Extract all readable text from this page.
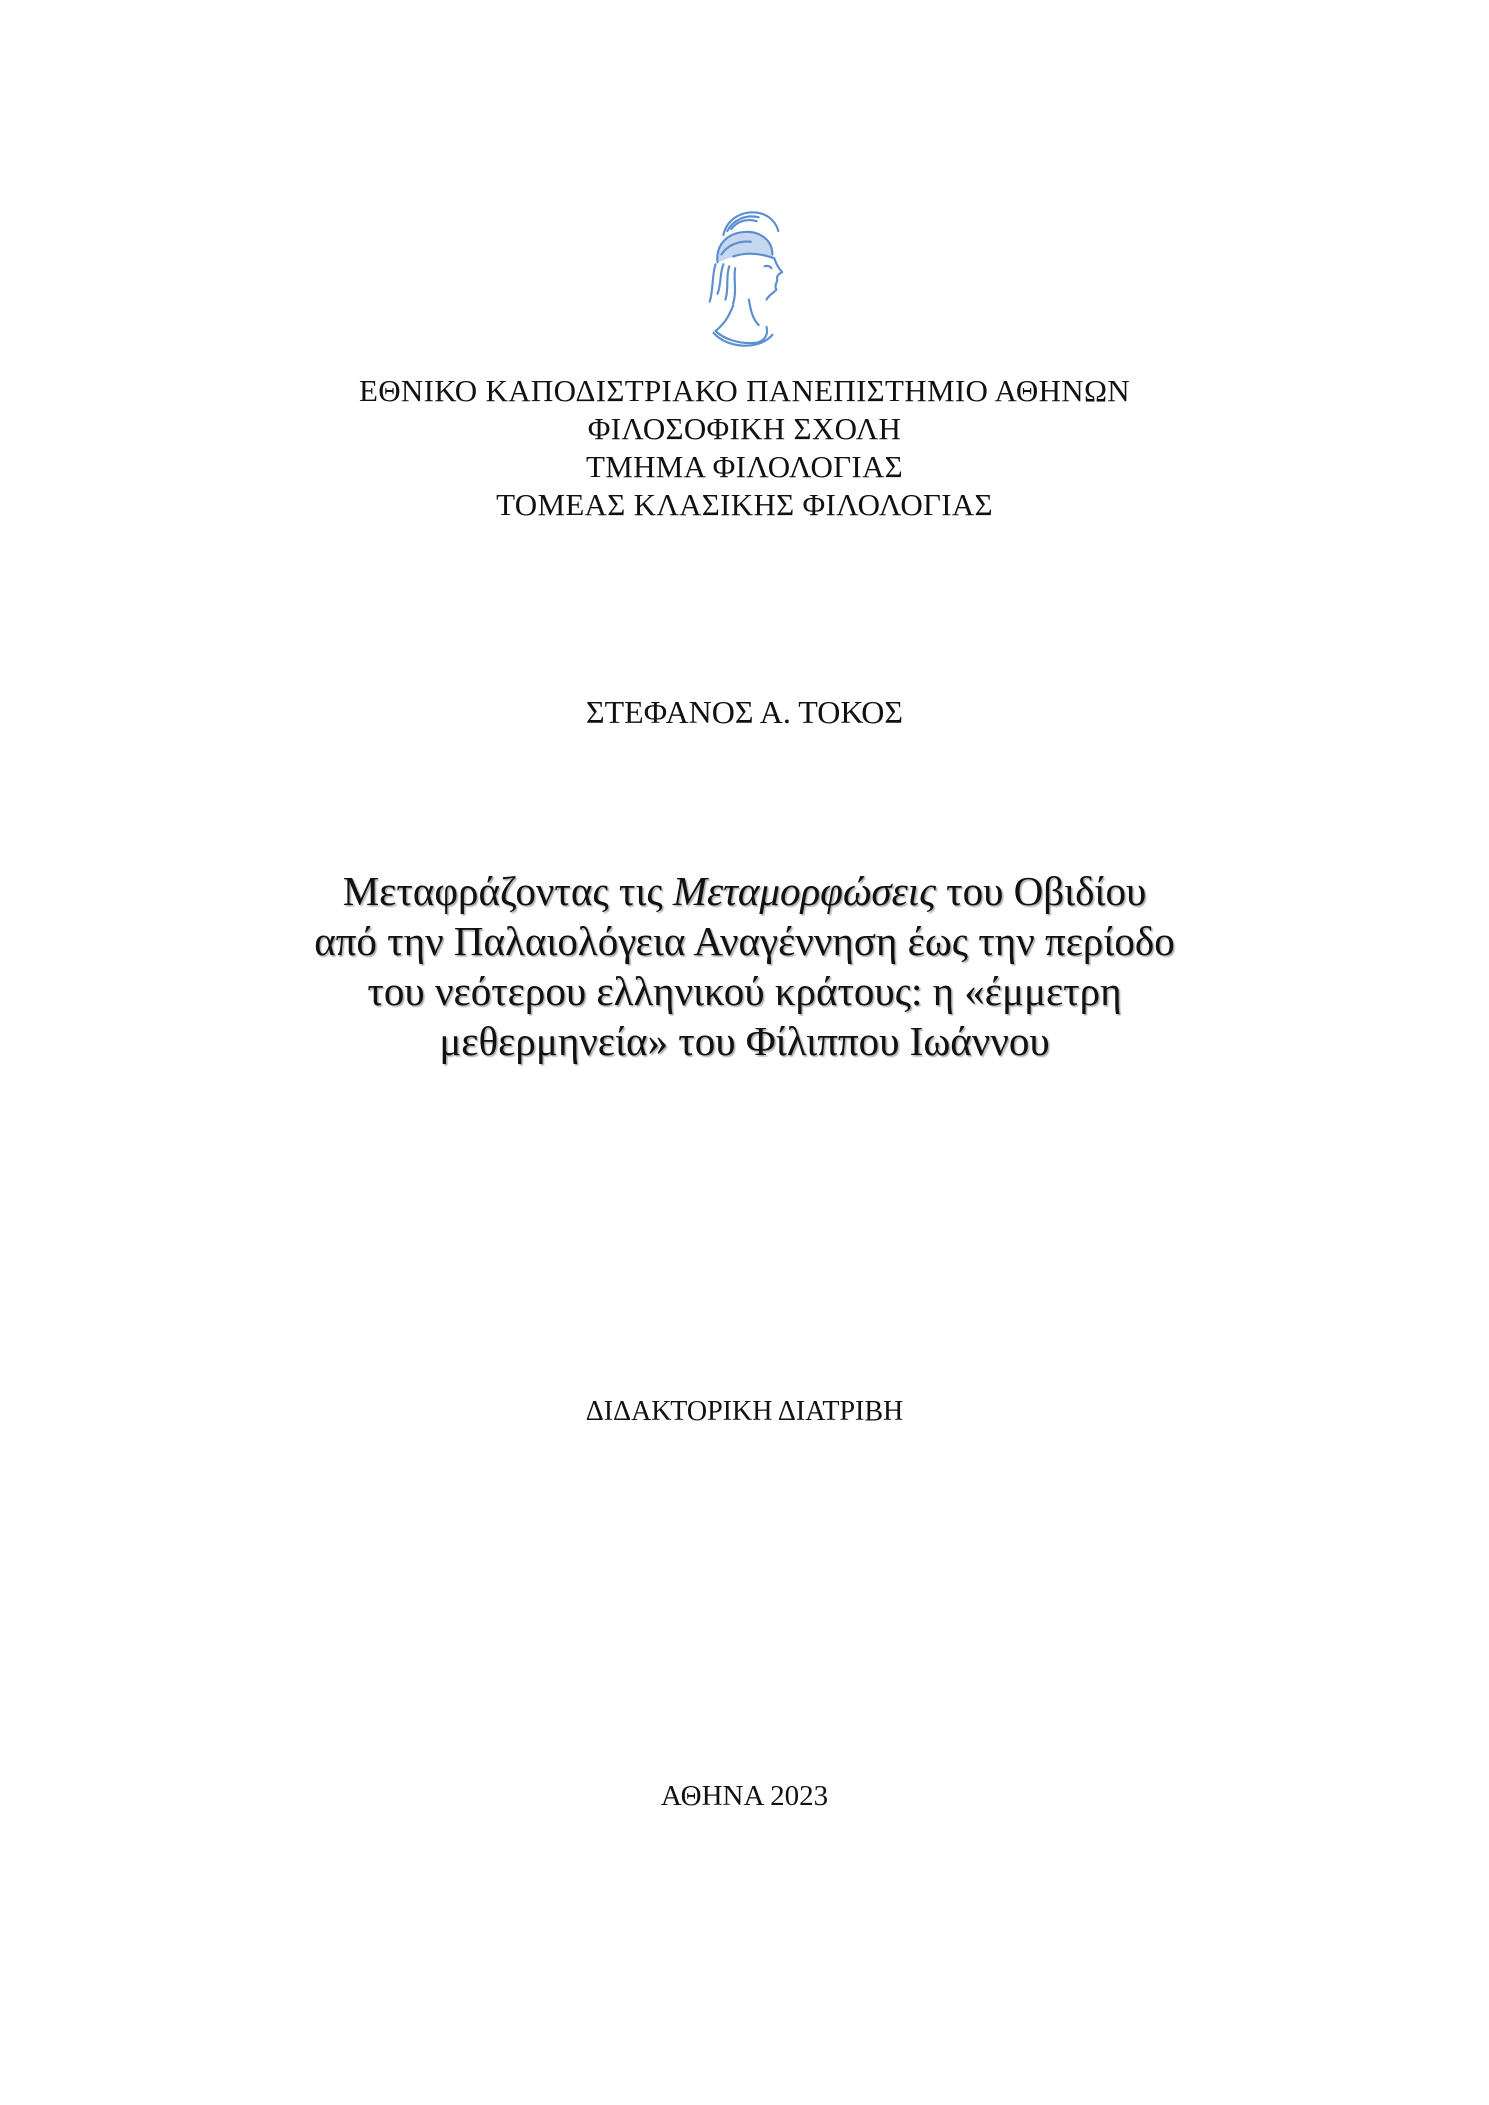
ΕΘΝΙΚΟ ΚΑΠΟΔΙΣΤΡΙΑΚΟ ΠΑΝΕΠΙΣΤΗΜΙΟ ΑΘΗΝΩΝ
ΦΙΛΟΣΟΦΙΚΗ ΣΧΟΛΗ
ΤΜΗΜΑ ΦΙΛΟΛΟΓΙΑΣ
ΤΟΜΕΑΣ ΚΛΑΣΙΚΗΣ ΦΙΛΟΛΟΓΙΑΣ
ΣΤΕΦΑΝΟΣ Α. ΤΟΚΟΣ
Μεταφράζοντας τις Μεταμορφώσεις του Οβιδίου
από την Παλαιολόγεια Αναγέννηση έως την περίοδο
του νεότερου ελληνικού κράτους: η «έμμετρη
μεθερμηνεία» του Φίλιππου Ιωάννου
ΔΙΔΑΚΤΟΡΙΚΗ ΔΙΑΤΡΙΒΗ
ΑΘΗΝΑ 2023
